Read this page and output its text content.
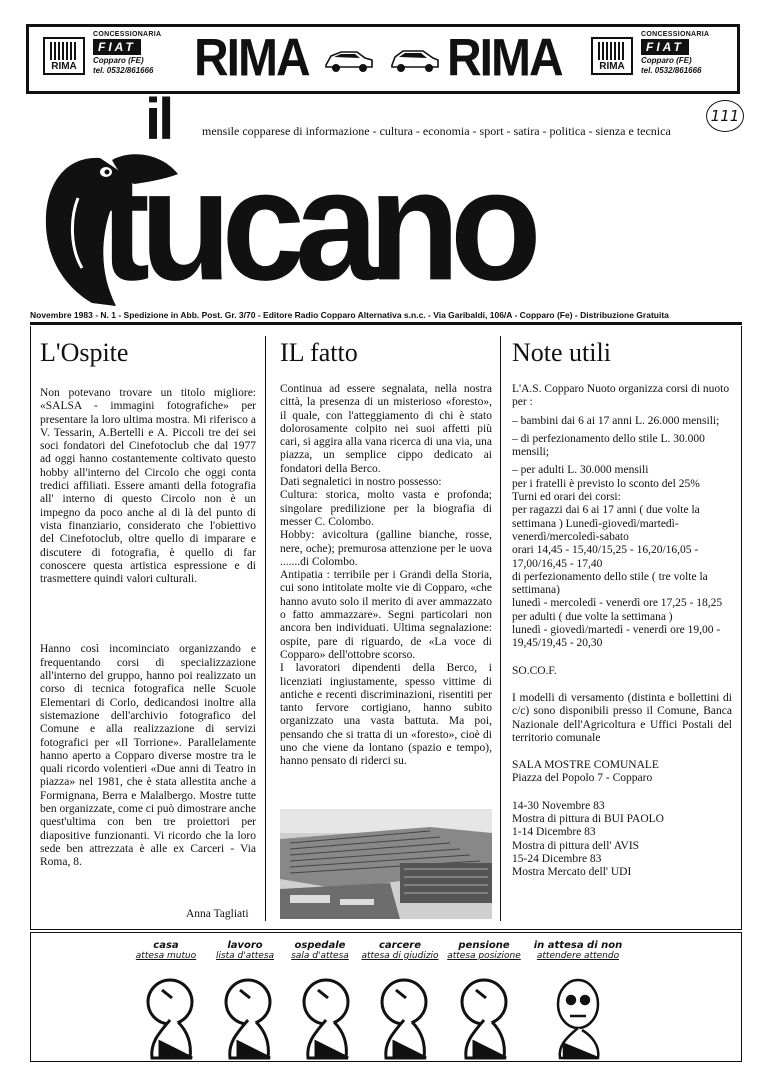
RIMA
CONCESSIONARIA
FIAT
Copparo (FE)
tel. 0532/861666 RIMA	RIMA	RIMA
CONCESSIONARIA
FIAT
Copparo (FE)
tel. 0532/861666
il	mensile copparese di informazione - cultura - economia - sport - satira - politica - sienza e tecnica
111
tucano
Novembre 1983 - N. 1 - Spedizione in Abb. Post. Gr. 3/70 - Editore Radio Copparo Alternativa s.n.c. - Via Garibaldi, 106/A - Copparo (Fe) - Distribuzione Gratuita
L'Ospite

Non potevano trovare un titolo migliore: «SALSA - immagini fotografiche» per presentare la loro ultima mostra. Mi riferisco a V. Tessarin, A.Bertelli e A. Piccoli tre dei sei soci fondatori del Cinefotoclub che dal 1977 ad oggi hanno costantemente coltivato questo hobby all'interno del Circolo che oggi conta tredici affiliati. Essere amanti della fotografia all' interno di questo Circolo non è un impegno da poco anche al di là del punto di vista finanziario, considerato che l'obiettivo del Cinefotoclub, oltre quello di imparare e discutere di fotografia, è quello di far conoscere questa artistica espressione e di trasmettere quindi valori culturali.

Hanno così incominciato organizzando e frequentando corsi di specializzazione all'interno del gruppo, hanno poi realizzato un corso di tecnica fotografica nelle Scuole Elementari di Corlo, dedicandosi inoltre alla sistemazione dell'archivio fotografico del Comune e alla realizzazione di servizi fotografici per «Il Torrione». Parallelamente hanno aperto a Copparo diverse mostre tra le quali ricordo volentieri «Due anni di Teatro in piazza» nel 1981, che è stata allestita anche a Formignana, Berra e Malalbergo. Mostre tutte ben organizzate, come ci può dimostrare anche quest'ultima con ben tre proiettori per diapositive funzionanti. Vi ricordo che la loro sede ben attrezzata è alle ex Carceri - Via Roma, 8.

Anna Tagliati
IL fatto

Continua ad essere segnalata, nella nostra città, la presenza di un misterioso «foresto», il quale, con l'atteggiamento di chi è stato dolorosamente colpito nei suoi affetti più cari, si aggira alla vana ricerca di una via, una piazza, un semplice cippo dedicato ai fondatori della Berco.

Dati segnaletici in nostro possesso:

Cultura: storica, molto vasta e profonda; singolare predilizione per la biografia di messer C. Colombo.

Hobby: avicoltura (galline bianche, rosse, nere, oche); premurosa attenzione per le uova .......di Colombo.

Antipatia : terribile per i Grandi della Storia, cui sono intitolate molte vie di Copparo, «che hanno avuto solo il merito di aver ammazzato o fatto ammazzare». Segni particolari non ancora ben individuati. Ultima segnalazione: ospite, pare di riguardo, de «La voce di Copparo» dell'ottobre scorso.

I lavoratori dipendenti della Berco, i licenziati ingiustamente, spesso vittime di antiche e recenti discriminazioni, risentiti per tanto fervore cortigiano, hanno subito organizzato una vasta battuta. Ma poi, pensando che si tratta di un «foresto», cioè di uno che viene da lontano (spazio e tempo), hanno pensato di riderci su.

Note utili

L'A.S. Copparo Nuoto organizza corsi di nuoto per :

– bambini dai 6 ai 17 anni L. 26.000 mensili;

– di perfezionamento dello stile L. 30.000 mensili;

– per adulti L. 30.000 mensili

per i fratelli è previsto lo sconto del 25%

Turni ed orari dei corsi:

per ragazzi dai 6 ai 17 anni ( due volte la settimana ) Lunedì-giovedì/martedì-venerdì/mercoledì-sabato

orari 14,45 - 15,40/15,25 - 16,20/16,05 - 17,00/16,45 - 17,40

di perfezionamento dello stile ( tre volte la settimana)

lunedì - mercoledì - venerdì ore 17,25 - 18,25

per adulti ( due volte la settimana )

lunedì - giovedì/martedì - venerdì ore 19,00 - 19,45/19,45 - 20,30

SO.CO.F.

I modelli di versamento (distinta e bollettini di c/c) sono disponibili presso il Comune, Banca Nazionale dell'Agricoltura e Uffici Postali del territorio comunale

SALA MOSTRE COMUNALE

Piazza del Popolo 7 - Copparo

14-30 Novembre 83

Mostra di pittura di BUI PAOLO

1-14 Dicembre 83

Mostra di pittura dell' AVIS

15-24 Dicembre 83

Mostra Mercato dell' UDI

casa
attesa mutuo
lavoro
lista d'attesa
ospedale
sala d'attesa
carcere
attesa di giudizio
pensione
attesa posizione
in attesa di non
attendere attendo
